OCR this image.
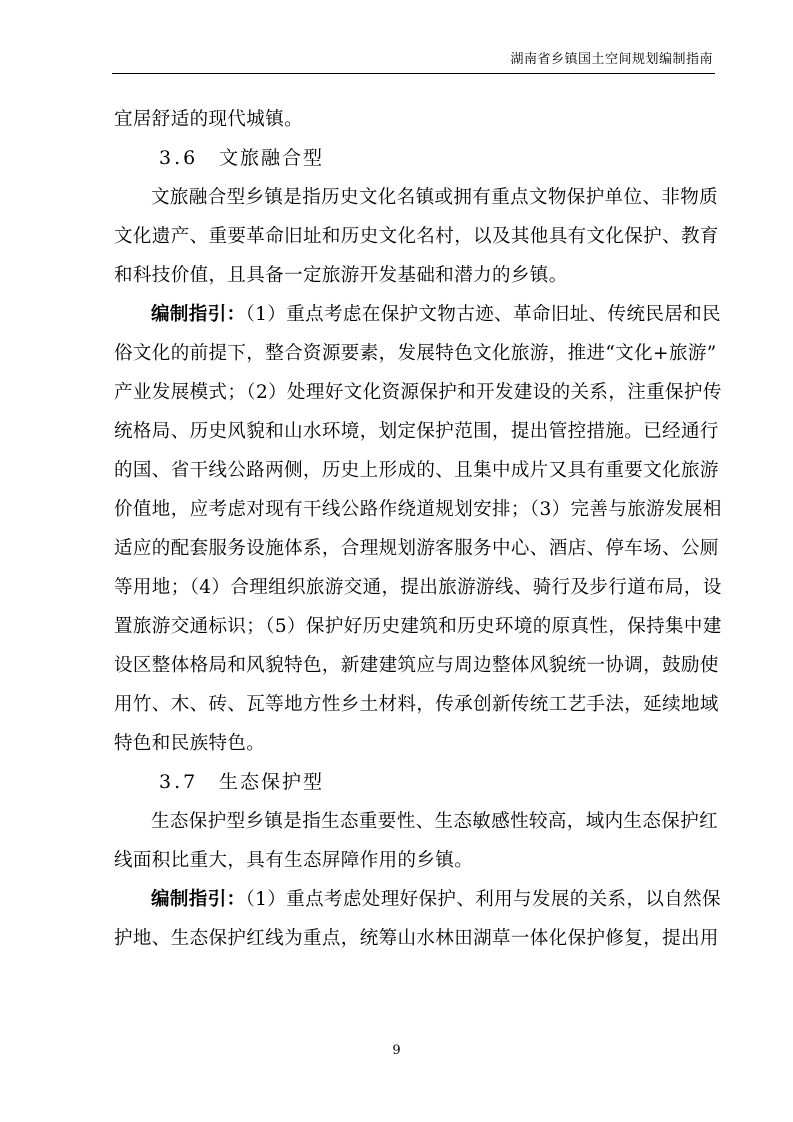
湖南省乡镇国土空间规划编制指南
宜居舒适的现代城镇。
3.6 文旅融合型
文旅融合型乡镇是指历史文化名镇或拥有重点文物保护单位、非物质
文化遗产、重要革命旧址和历史文化名村，以及其他具有文化保护、教育
和科技价值，且具备一定旅游开发基础和潜力的乡镇。
编制指引：（1）重点考虑在保护文物古迹、革命旧址、传统民居和民
俗文化的前提下，整合资源要素，发展特色文化旅游，推进“文化+旅游”
产业发展模式；（2）处理好文化资源保护和开发建设的关系，注重保护传
统格局、历史风貌和山水环境，划定保护范围，提出管控措施。已经通行
的国、省干线公路两侧，历史上形成的、且集中成片又具有重要文化旅游
价值地，应考虑对现有干线公路作绕道规划安排；（3）完善与旅游发展相
适应的配套服务设施体系，合理规划游客服务中心、酒店、停车场、公厕
等用地；（4）合理组织旅游交通，提出旅游游线、骑行及步行道布局，设
置旅游交通标识；（5）保护好历史建筑和历史环境的原真性，保持集中建
设区整体格局和风貌特色，新建建筑应与周边整体风貌统一协调，鼓励使
用竹、木、砖、瓦等地方性乡土材料，传承创新传统工艺手法，延续地域
特色和民族特色。
3.7 生态保护型
生态保护型乡镇是指生态重要性、生态敏感性较高，域内生态保护红
线面积比重大，具有生态屏障作用的乡镇。
编制指引：（1）重点考虑处理好保护、利用与发展的关系，以自然保
护地、生态保护红线为重点，统筹山水林田湖草一体化保护修复，提出用
9
